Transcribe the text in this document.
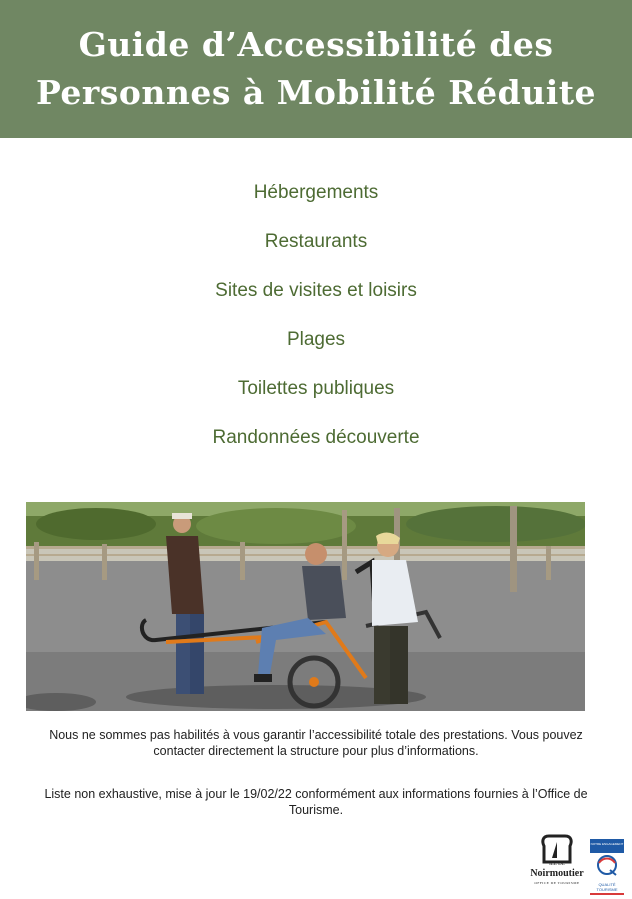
Guide d’Accessibilité des
Personnes à Mobilité Réduite
Hébergements
Restaurants
Sites de visites et loisirs
Plages
Toilettes publiques
Randonnées découverte

Nous ne sommes pas habilités à vous garantir l’accessibilité totale des prestations. Vous pouvez contacter directement la structure pour plus d’informations.

Liste non exhaustive, mise à jour le 19/02/22 conformément aux informations fournies à l’Office de Tourisme.

ILE DE
Noirmoutier
OFFICE DE TOURISME
NOTRE ENGAGEMENT
QUALITÉ TOURISME
